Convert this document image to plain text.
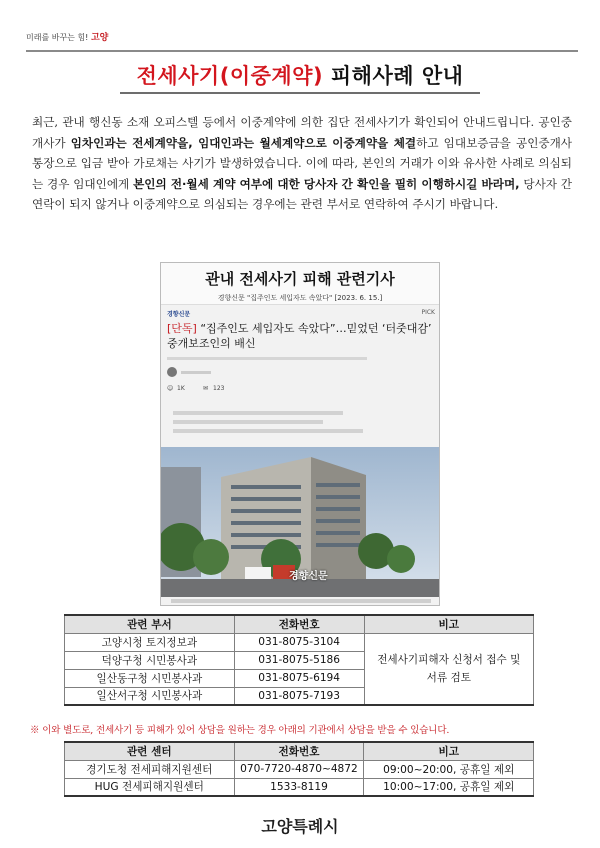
미래를 바꾸는 힘! 고양
전세사기(이중계약) 피해사례 안내
최근, 관내 행신동 소재 오피스텔 등에서 이중계약에 의한 집단 전세사기가 확인되어 안내드립니다. 공인중개사가 임차인과는 전세계약을, 임대인과는 월세계약으로 이중계약을 체결하고 임대보증금을 공인중개사 통장으로 입금 받아 가로채는 사기가 발생하였습니다. 이에 따라, 본인의 거래가 이와 유사한 사례로 의심되는 경우 임대인에게 본인의 전·월세 계약 여부에 대한 당사자 간 확인을 필히 이행하시길 바라며, 당사자 간 연락이 되지 않거나 이중계약으로 의심되는 경우에는 관련 부서로 연락하여 주시기 바랍니다.
관내 전세사기 피해 관련기사
경향신문 "집주인도 세입자도 속았다" [2023. 6. 15.]
경향신문	PICK
[단독] “집주인도 세입자도 속았다”…믿었던 ‘터줏대감’ 중개보조인의 배신
☺ 1K	✉ 123
경향신문
관련 부서	전화번호	비고
고양시청 토지정보과	031-8075-3104	전세사기피해자 신청서 접수 및
서류 검토
덕양구청 시민봉사과	031-8075-5186	
일산동구청 시민봉사과	031-8075-6194	
일산서구청 시민봉사과	031-8075-7193	
※ 이와 별도로, 전세사기 등 피해가 있어 상담을 원하는 경우 아래의 기관에서 상담을 받을 수 있습니다.
관련 센터	전화번호	비고
경기도청 전세피해지원센터	070-7720-4870~4872	09:00~20:00, 공휴일 제외
HUG 전세피해지원센터	1533-8119	10:00~17:00, 공휴일 제외
고양특례시
